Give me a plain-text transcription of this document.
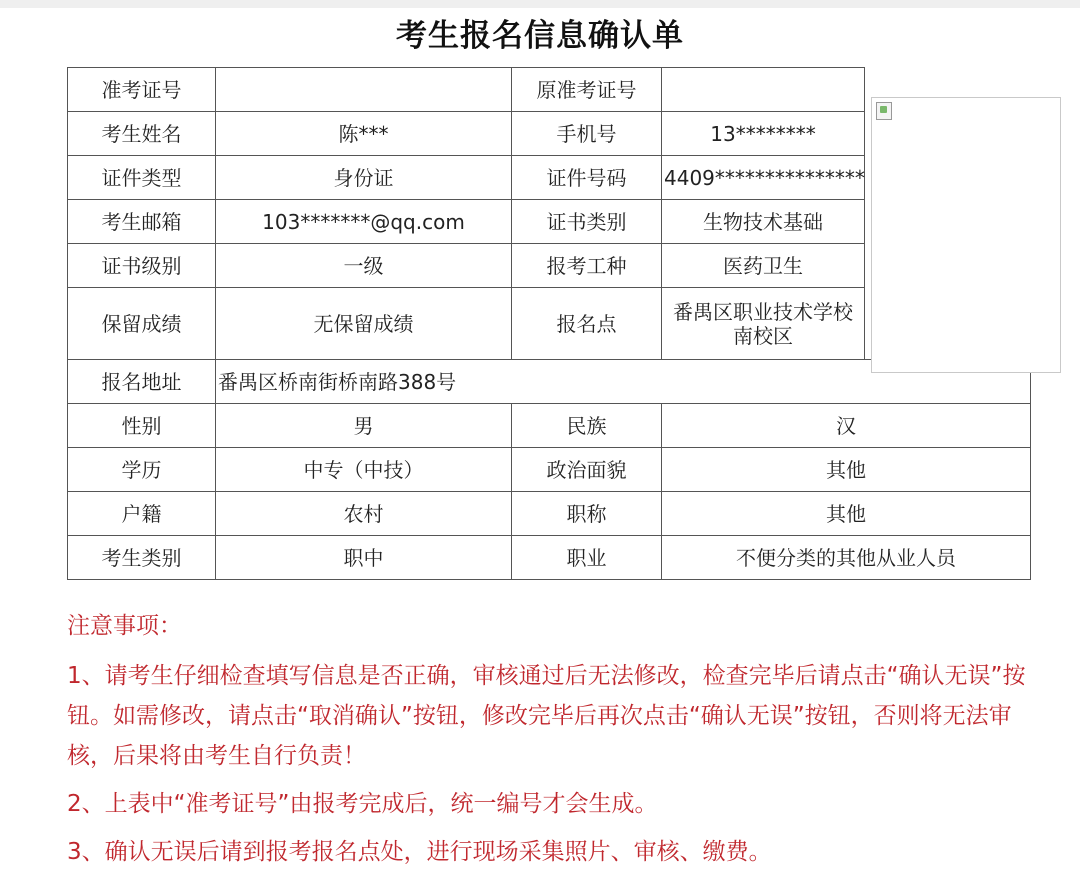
考生报名信息确认单
准考证号		原准考证号		

考生姓名	陈***	手机号	13********	
证件类型	身份证	证件号码	4409***************	
考生邮箱	103*******@qq.com	证书类别	生物技术基础	
证书级别	一级	报考工种	医药卫生	
保留成绩	无保留成绩	报名点	番禺区职业技术学校
南校区	
报名地址	番禺区桥南街桥南路388号			
性别	男	民族	汉	
学历	中专（中技）	政治面貌	其他	
户籍	农村	职称	其他	
考生类别	职中	职业	不便分类的其他从业人员	

注意事项：

1、请考生仔细检查填写信息是否正确，审核通过后无法修改，检查完毕后请点击“确认无误”按钮。如需修改，请点击“取消确认”按钮，修改完毕后再次点击“确认无误”按钮，否则将无法审核，后果将由考生自行负责！

2、上表中“准考证号”由报考完成后，统一编号才会生成。

3、确认无误后请到报考报名点处，进行现场采集照片、审核、缴费。
